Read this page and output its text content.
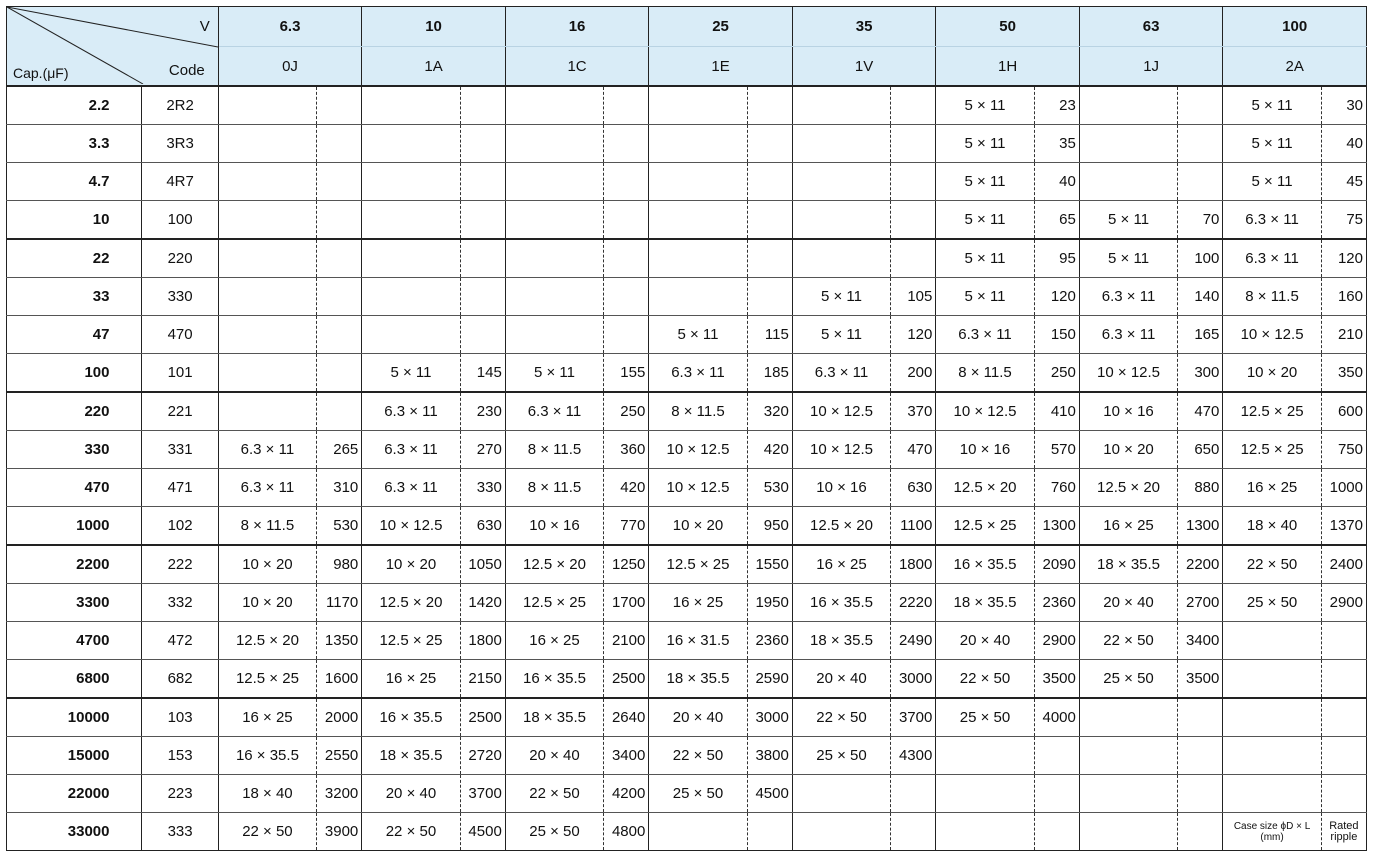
V
Code
Cap.(μF)		6.3		10		16		25		35		50		63		100	
		0J		1A		1C		1E		1V		1H		1J		2A	
2.2	2R2											5 × 11	23			5 × 11	30
3.3	3R3											5 × 11	35			5 × 11	40
4.7	4R7											5 × 11	40			5 × 11	45
10	100											5 × 11	65	5 × 11	70	6.3 × 11	75
22	220											5 × 11	95	5 × 11	100	6.3 × 11	120
33	330									5 × 11	105	5 × 11	120	6.3 × 11	140	8 × 11.5	160
47	470							5 × 11	115	5 × 11	120	6.3 × 11	150	6.3 × 11	165	10 × 12.5	210
100	101			5 × 11	145	5 × 11	155	6.3 × 11	185	6.3 × 11	200	8 × 11.5	250	10 × 12.5	300	10 × 20	350
220	221			6.3 × 11	230	6.3 × 11	250	8 × 11.5	320	10 × 12.5	370	10 × 12.5	410	10 × 16	470	12.5 × 25	600
330	331	6.3 × 11	265	6.3 × 11	270	8 × 11.5	360	10 × 12.5	420	10 × 12.5	470	10 × 16	570	10 × 20	650	12.5 × 25	750
470	471	6.3 × 11	310	6.3 × 11	330	8 × 11.5	420	10 × 12.5	530	10 × 16	630	12.5 × 20	760	12.5 × 20	880	16 × 25	1000
1000	102	8 × 11.5	530	10 × 12.5	630	10 × 16	770	10 × 20	950	12.5 × 20	1100	12.5 × 25	1300	16 × 25	1300	18 × 40	1370
2200	222	10 × 20	980	10 × 20	1050	12.5 × 20	1250	12.5 × 25	1550	16 × 25	1800	16 × 35.5	2090	18 × 35.5	2200	22 × 50	2400
3300	332	10 × 20	1170	12.5 × 20	1420	12.5 × 25	1700	16 × 25	1950	16 × 35.5	2220	18 × 35.5	2360	20 × 40	2700	25 × 50	2900
4700	472	12.5 × 20	1350	12.5 × 25	1800	16 × 25	2100	16 × 31.5	2360	18 × 35.5	2490	20 × 40	2900	22 × 50	3400		
6800	682	12.5 × 25	1600	16 × 25	2150	16 × 35.5	2500	18 × 35.5	2590	20 × 40	3000	22 × 50	3500	25 × 50	3500		
10000	103	16 × 25	2000	16 × 35.5	2500	18 × 35.5	2640	20 × 40	3000	22 × 50	3700	25 × 50	4000				
15000	153	16 × 35.5	2550	18 × 35.5	2720	20 × 40	3400	22 × 50	3800	25 × 50	4300						
22000	223	18 × 40	3200	20 × 40	3700	22 × 50	4200	25 × 50	4500								
33000	333	22 × 50	3900	22 × 50	4500	25 × 50	4800									Case size ϕD × L (mm)	Rated ripple
